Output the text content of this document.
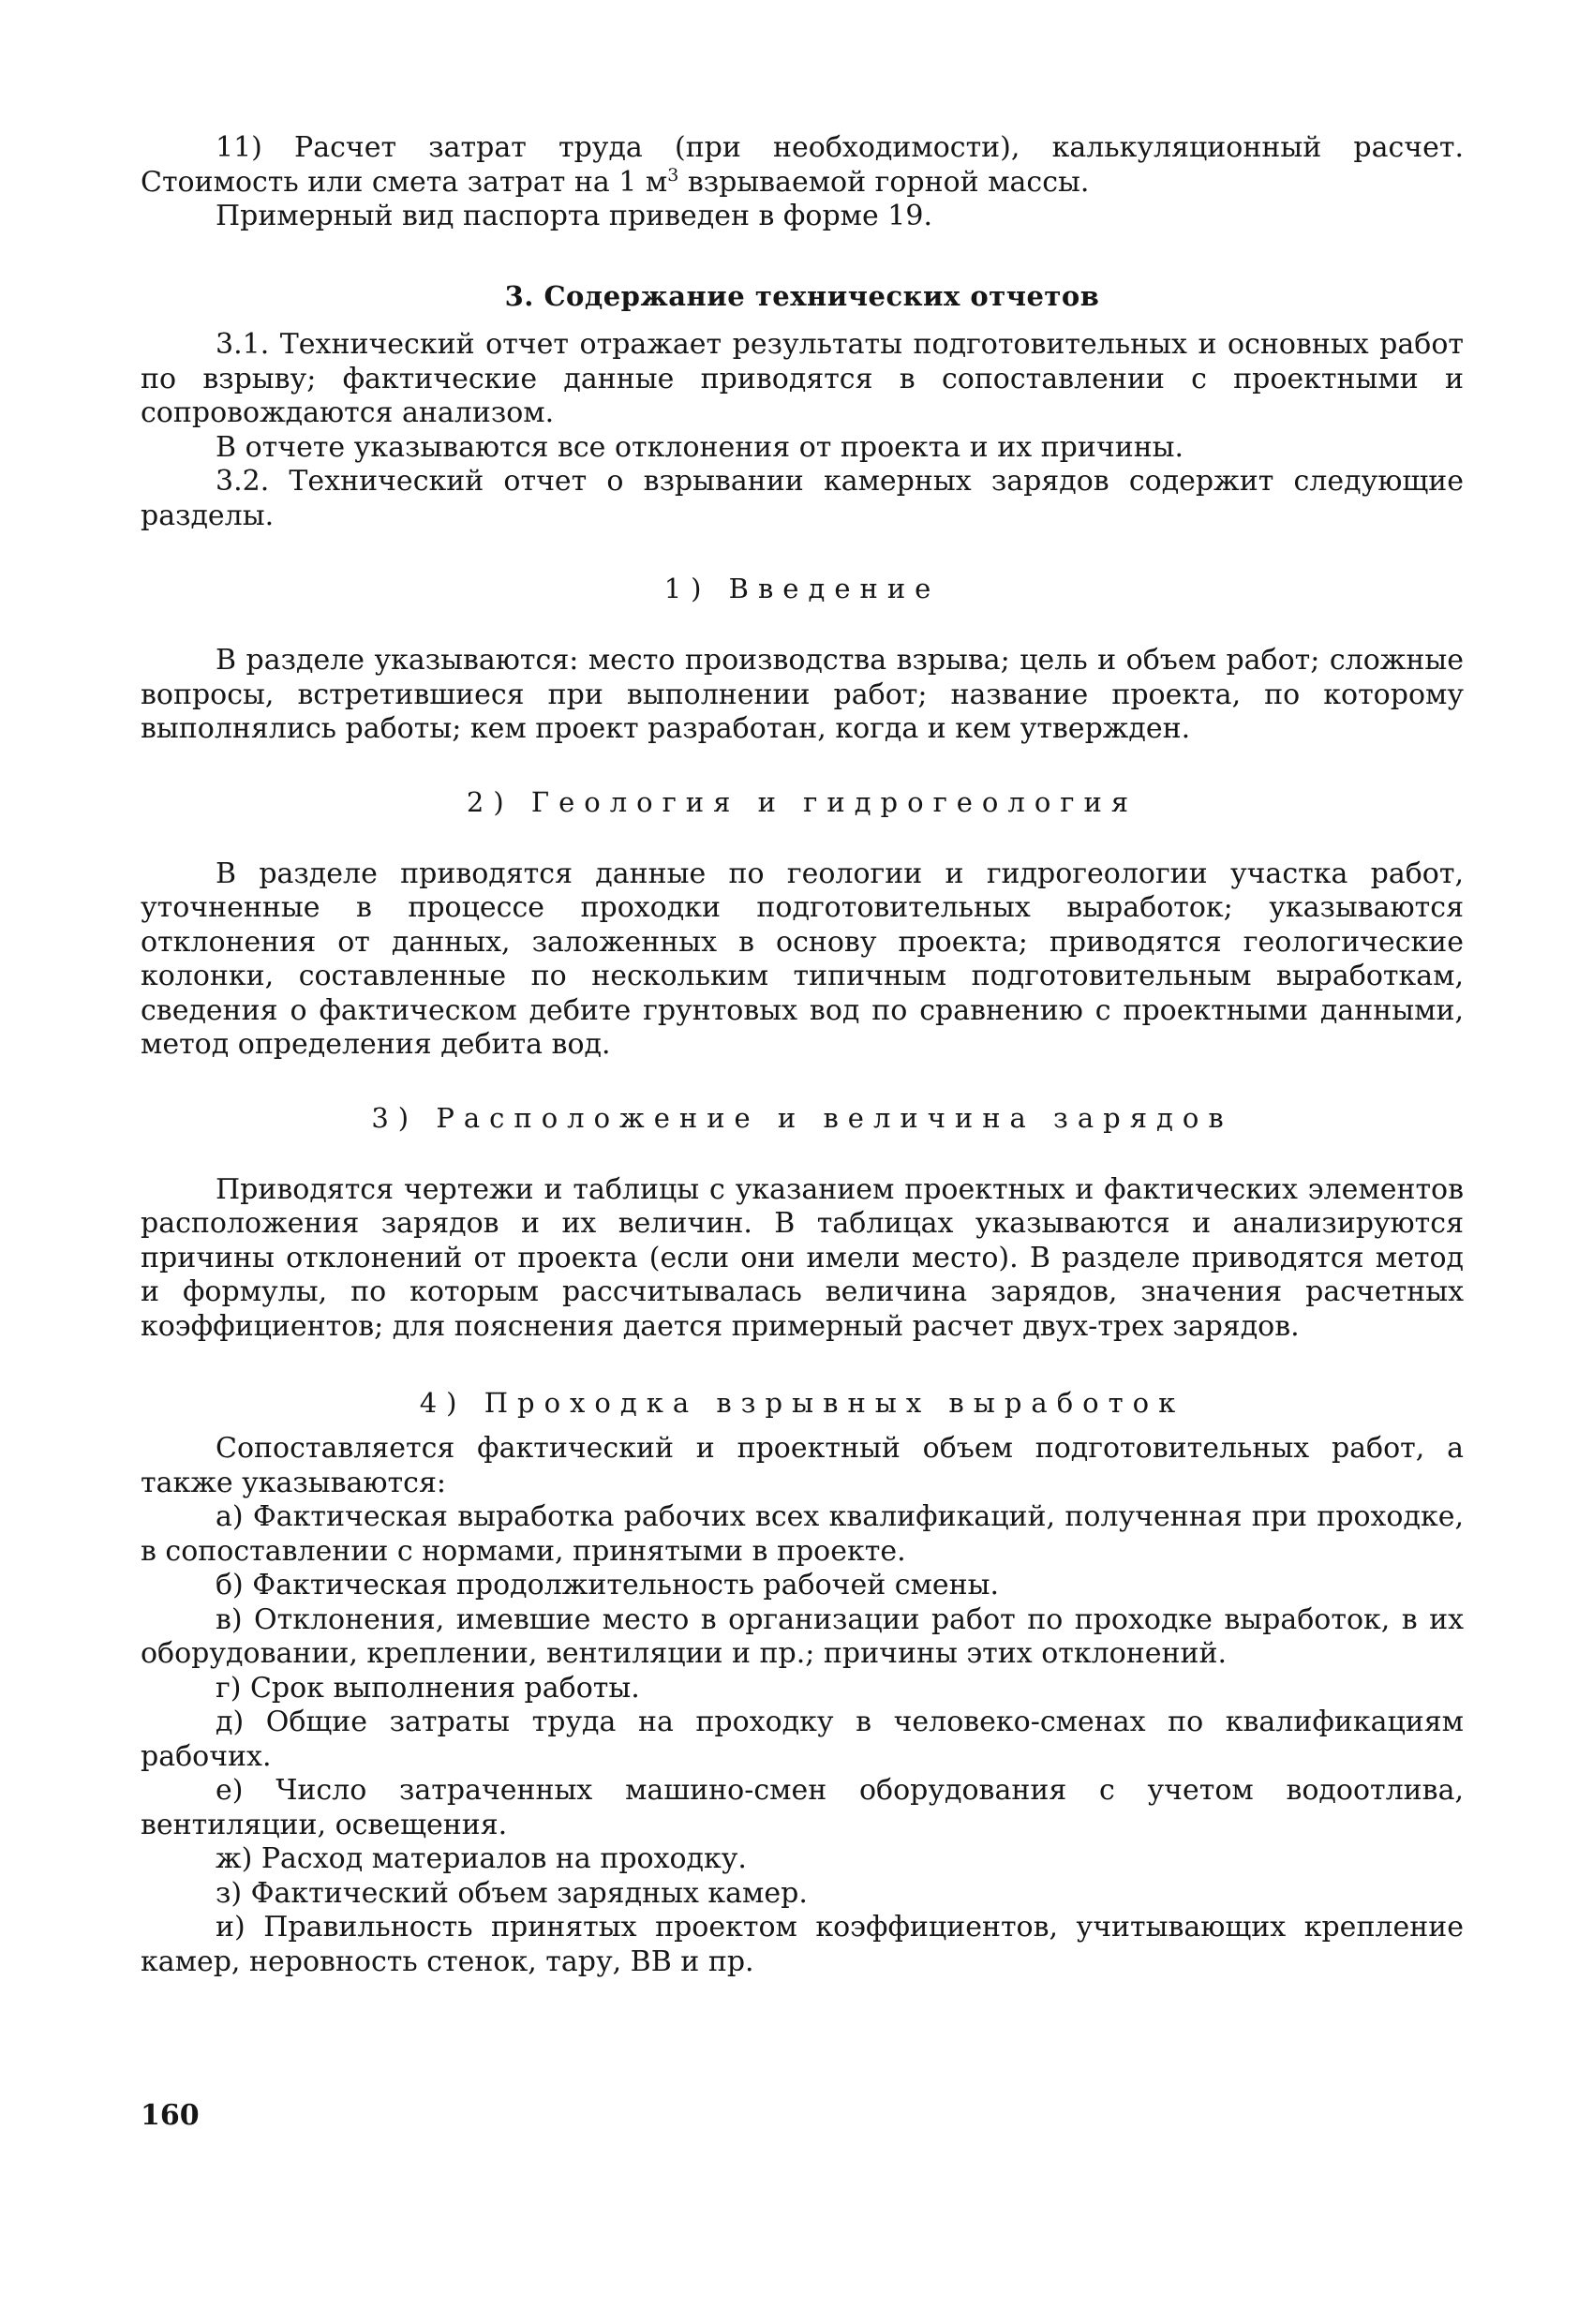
11) Расчет затрат труда (при необходимости), калькуляционный расчет. Стоимость или смета затрат на 1 $м^3$ взрываемой горной массы.

Примерный вид паспорта приведен в форме 19.

3. Содержание технических отчетов

3.1. Технический отчет отражает результаты подготовительных и основных работ по взрыву; фактические данные приводятся в сопоставлении с проектными и сопровождаются анализом.

В отчете указываются все отклонения от проекта и их причины.

3.2. Технический отчет о взрывании камерных зарядов содержит следующие разделы.

1) Введение

В разделе указываются: место производства взрыва; цель и объем работ; сложные вопросы, встретившиеся при выполнении работ; название проекта, по которому выполнялись работы; кем проект разработан, когда и кем утвержден.

2) Геология и гидрогеология

В разделе приводятся данные по геологии и гидрогеологии участка работ, уточненные в процессе проходки подготовительных выработок; указываются отклонения от данных, заложенных в основу проекта; приводятся геологические колонки, составленные по нескольким типичным подготовительным выработкам, сведения о фактическом дебите грунтовых вод по сравнению с проектными данными, метод определения дебита вод.

3) Расположение и величина зарядов

Приводятся чертежи и таблицы с указанием проектных и фактических элементов расположения зарядов и их величин. В таблицах указываются и анализируются причины отклонений от проекта (если они имели место). В разделе приводятся метод и формулы, по которым рассчитывалась величина зарядов, значения расчетных коэффициентов; для пояснения дается примерный расчет двух-трех зарядов.

4) Проходка взрывных выработок

Сопоставляется фактический и проектный объем подготовительных работ, а также указываются:

а) Фактическая выработка рабочих всех квалификаций, полученная при проходке, в сопоставлении с нормами, принятыми в проекте.

б) Фактическая продолжительность рабочей смены.

в) Отклонения, имевшие место в организации работ по проходке выработок, в их оборудовании, креплении, вентиляции и пр.; причины этих отклонений.

г) Срок выполнения работы.

д) Общие затраты труда на проходку в человеко-сменах по квалификациям рабочих.

е) Число затраченных машино-смен оборудования с учетом водоотлива, вентиляции, освещения.

ж) Расход материалов на проходку.

з) Фактический объем зарядных камер.

и) Правильность принятых проектом коэффициентов, учитывающих крепление камер, неровность стенок, тару, ВВ и пр.

160
